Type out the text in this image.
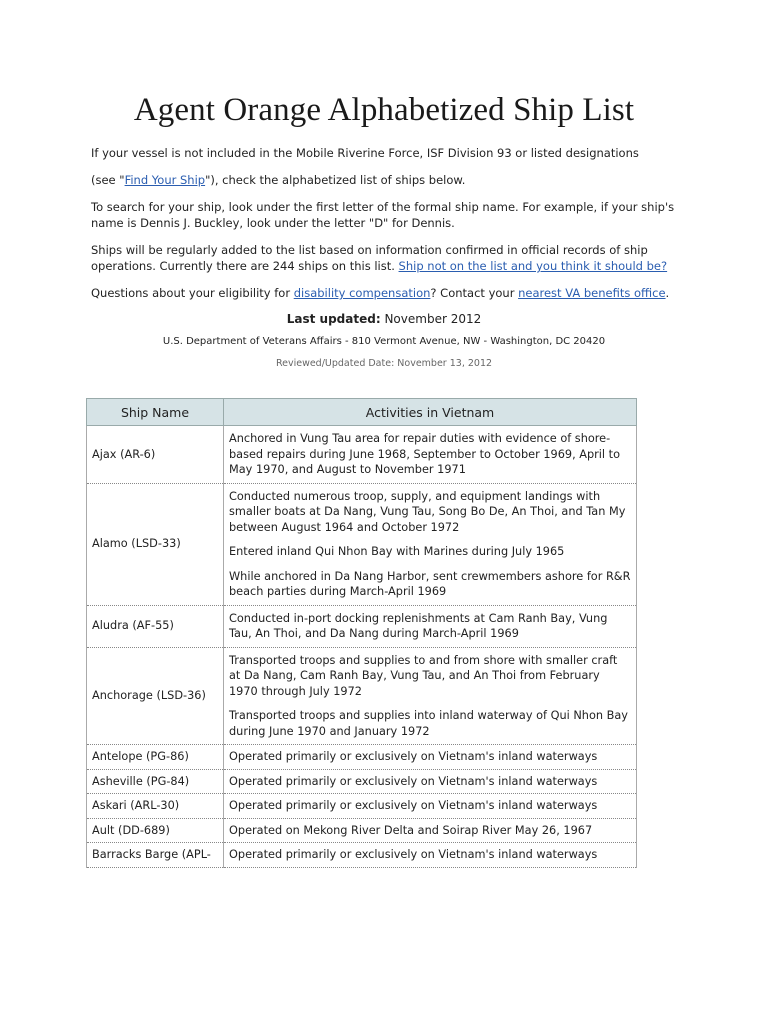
Agent Orange Alphabetized Ship List

If your vessel is not included in the Mobile Riverine Force, ISF Division 93 or listed designations

(see "Find Your Ship"), check the alphabetized list of ships below.

To search for your ship, look under the first letter of the formal ship name. For example, if your ship's name is Dennis J. Buckley, look under the letter "D" for Dennis.

Ships will be regularly added to the list based on information confirmed in official records of ship operations. Currently there are 244 ships on this list. Ship not on the list and you think it should be?

Questions about your eligibility for disability compensation? Contact your nearest VA benefits office.

Last updated: November 2012

U.S. Department of Veterans Affairs - 810 Vermont Avenue, NW - Washington, DC 20420

Reviewed/Updated Date: November 13, 2012

Ship Name	Activities in Vietnam
Ajax (AR-6)	Anchored in Vung Tau area for repair duties with evidence of shore-based repairs during June 1968, September to October 1969, April to May 1970, and August to November 1971

Alamo (LSD-33)	Conducted numerous troop, supply, and equipment landings with smaller boats at Da Nang, Vung Tau, Song Bo De, An Thoi, and Tan My between August 1964 and October 1972

Entered inland Qui Nhon Bay with Marines during July 1965

While anchored in Da Nang Harbor, sent crewmembers ashore for R&R beach parties during March-April 1969

Aludra (AF-55)	Conducted in-port docking replenishments at Cam Ranh Bay, Vung Tau, An Thoi, and Da Nang during March-April 1969

Anchorage (LSD-36)	Transported troops and supplies to and from shore with smaller craft at Da Nang, Cam Ranh Bay, Vung Tau, and An Thoi from February 1970 through July 1972

Transported troops and supplies into inland waterway of Qui Nhon Bay during June 1970 and January 1972

Antelope (PG-86)	Operated primarily or exclusively on Vietnam's inland waterways

Asheville (PG-84)	Operated primarily or exclusively on Vietnam's inland waterways

Askari (ARL-30)	Operated primarily or exclusively on Vietnam's inland waterways

Ault (DD-689)	Operated on Mekong River Delta and Soirap River May 26, 1967

Barracks Barge (APL-	Operated primarily or exclusively on Vietnam's inland waterways
